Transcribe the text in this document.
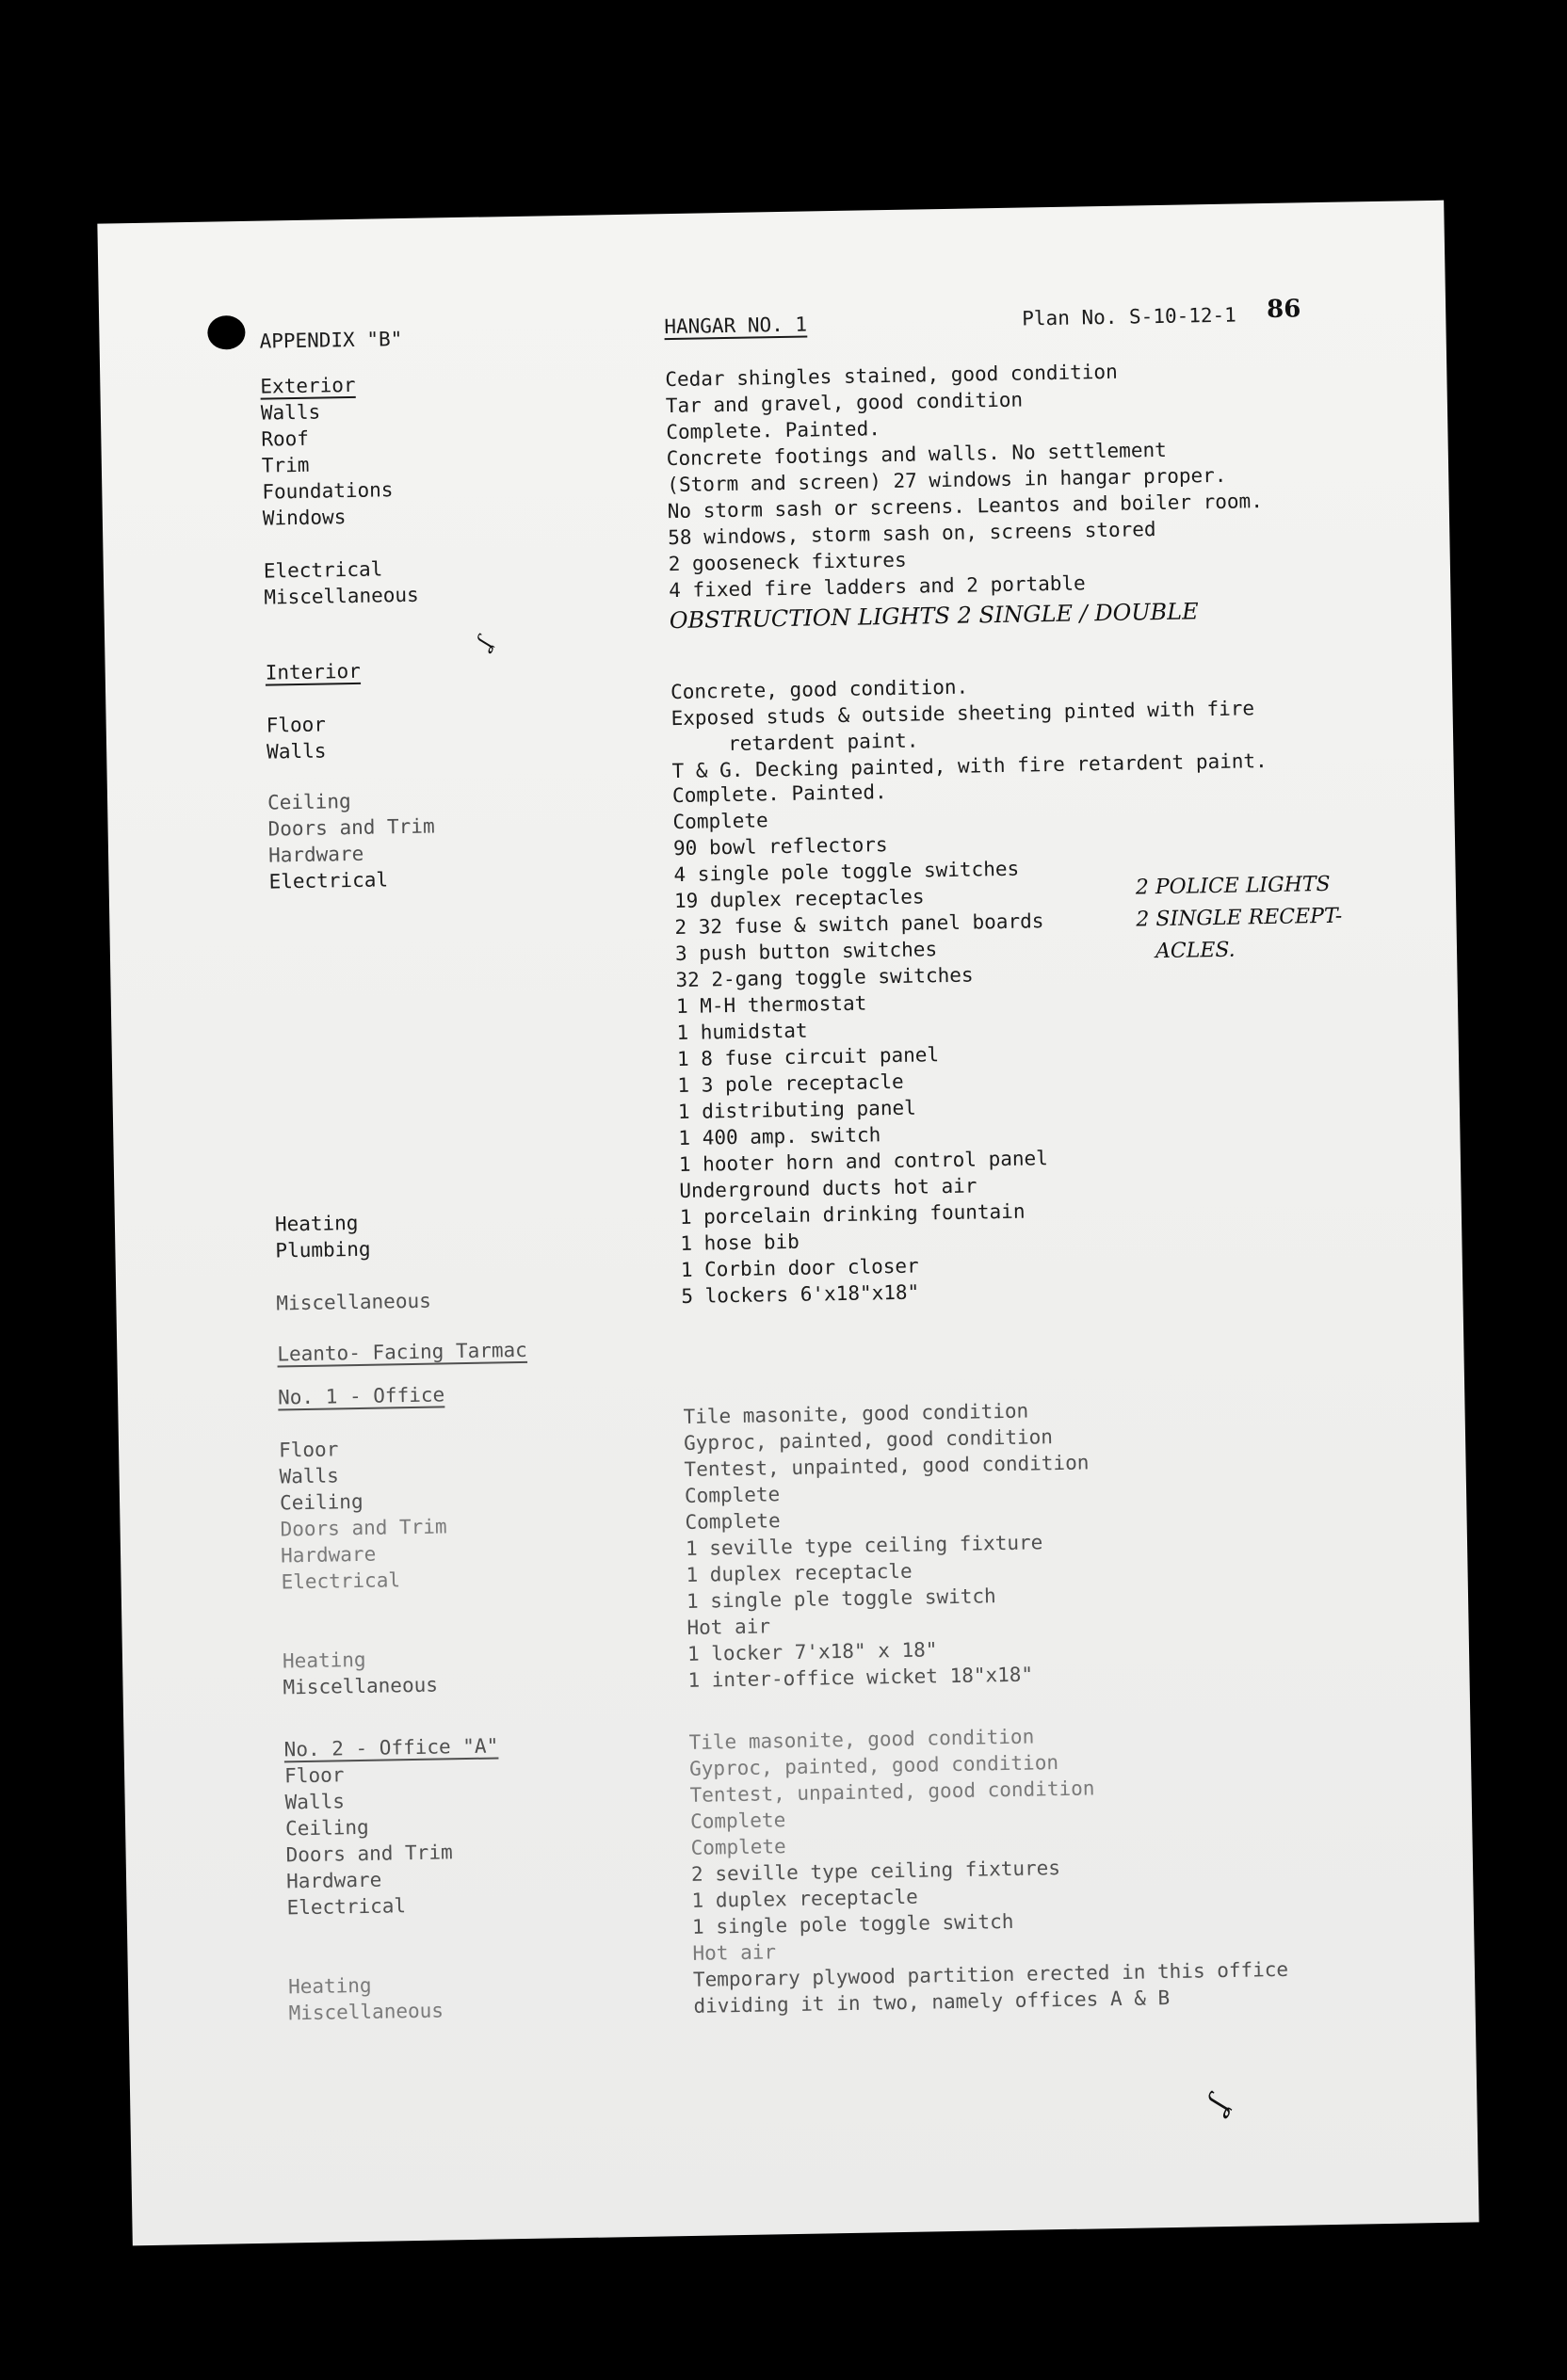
APPENDIX "B"
HANGAR NO. 1	Plan No. S-10-12-1 86
Exterior
Walls
Roof
Trim
Foundations
Windows
Electrical
Miscellaneous
Cedar shingles stained, good condition
Tar and gravel, good condition
Complete. Painted.
Concrete footings and walls. No settlement
(Storm and screen) 27 windows in hangar proper.
No storm sash or screens. Leantos and boiler room.
58 windows, storm sash on, screens stored
2 gooseneck fixtures
4 fixed fire ladders and 2 portable
OBSTRUCTION LIGHTS 2 SINGLE / DOUBLE
ʆ
Interior
Floor
Walls
Ceiling
Doors and Trim
Hardware
Electrical
Heating
Plumbing
Miscellaneous
Concrete, good condition.
Exposed studs & outside sheeting pinted with fire
retardent paint.
T & G. Decking painted, with fire retardent paint.
Complete. Painted.
Complete
90 bowl reflectors
4 single pole toggle switches
19 duplex receptacles
2 32 fuse & switch panel boards
3 push button switches
32 2-gang toggle switches
1 M-H thermostat
1 humidstat
1 8 fuse circuit panel
1 3 pole receptacle
1 distributing panel
1 400 amp. switch
1 hooter horn and control panel
Underground ducts hot air
1 porcelain drinking fountain
1 hose bib
1 Corbin door closer
5 lockers 6'x18"x18"
2 POLICE LIGHTS
2 SINGLE RECEPT-
ACLES.
Leanto- Facing Tarmac
No. 1 - Office
Floor
Walls
Ceiling
Doors and Trim
Hardware
Electrical
Heating
Miscellaneous
Tile masonite, good condition
Gyproc, painted, good condition
Tentest, unpainted, good condition
Complete
Complete
1 seville type ceiling fixture
1 duplex receptacle
1 single ple toggle switch
Hot air
1 locker 7'x18" x 18"
1 inter-office wicket 18"x18"
No. 2 - Office "A"
Floor
Walls
Ceiling
Doors and Trim
Hardware
Electrical
Heating
Miscellaneous
Tile masonite, good condition
Gyproc, painted, good condition
Tentest, unpainted, good condition
Complete
Complete
2 seville type ceiling fixtures
1 duplex receptacle
1 single pole toggle switch
Hot air
Temporary plywood partition erected in this office
dividing it in two, namely offices A & B
ʆ
